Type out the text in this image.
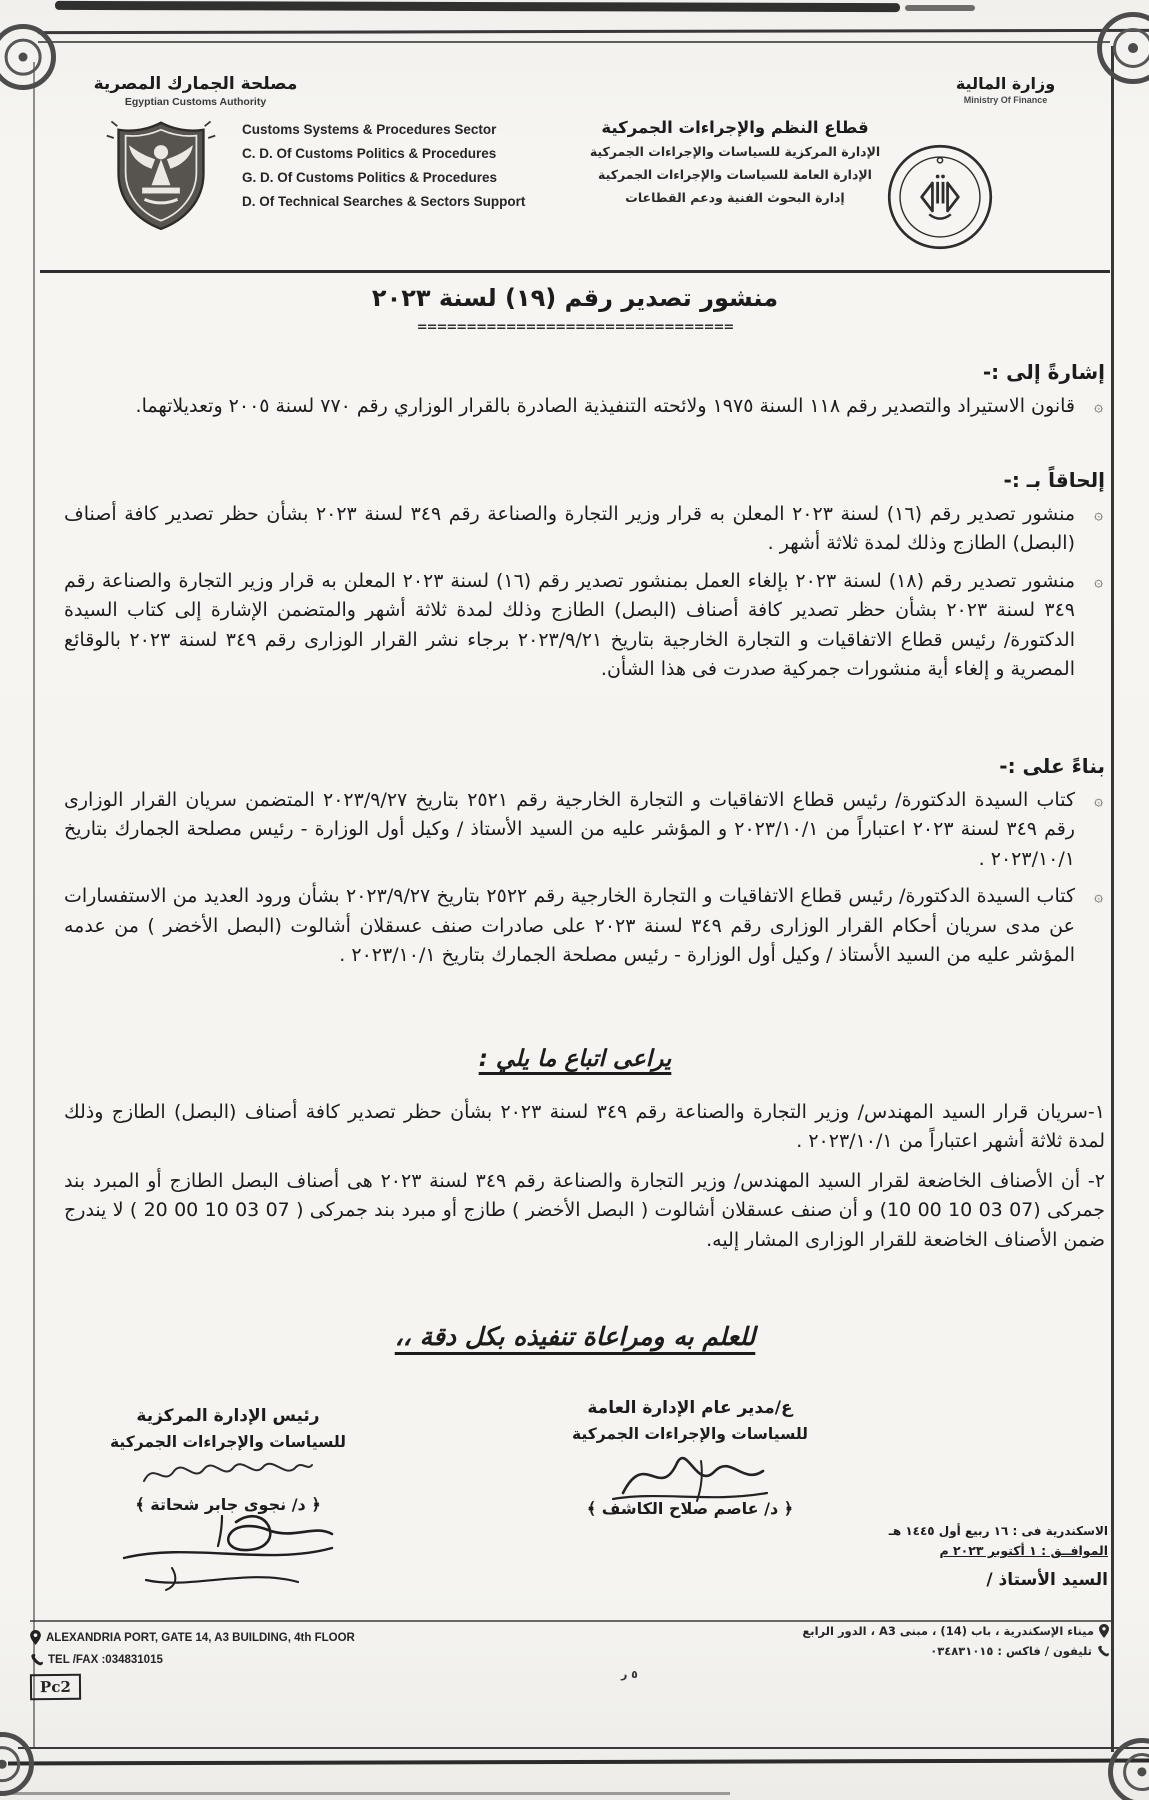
مصلحة الجمارك المصرية
Egyptian Customs Authority

Customs Systems & Procedures Sector

C. D. Of Customs Politics & Procedures

G. D. Of Customs Politics & Procedures

D. Of Technical Searches & Sectors Support

قطاع النظم والإجراءات الجمركية

الإدارة المركزية للسياسات والإجراءات الجمركية

الإدارة العامة للسياسات والإجراءات الجمركية

إدارة البحوث الفنية ودعم القطاعات

وزارة المالية
Ministry Of Finance
منشور تصدير رقم (١٩) لسنة ٢٠٢٣
================================
إشارةً إلى :-
۞
قانون الاستيراد والتصدير رقم ١١٨ السنة ١٩٧٥ ولائحته التنفيذية الصادرة بالقرار الوزاري رقم ٧٧٠ لسنة ٢٠٠٥ وتعديلاتهما.
إلحاقاً بـ :-
۞
منشور تصدير رقم (١٦) لسنة ٢٠٢٣ المعلن به قرار وزير التجارة والصناعة رقم ٣٤٩ لسنة ٢٠٢٣ بشأن حظر تصدير كافة أصناف (البصل) الطازج وذلك لمدة ثلاثة أشهر .
۞
منشور تصدير رقم (١٨) لسنة ٢٠٢٣ بإلغاء العمل بمنشور تصدير رقم (١٦) لسنة ٢٠٢٣ المعلن به قرار وزير التجارة والصناعة رقم ٣٤٩ لسنة ٢٠٢٣ بشأن حظر تصدير كافة أصناف (البصل) الطازج وذلك لمدة ثلاثة أشهر والمتضمن الإشارة إلى كتاب السيدة الدكتورة/ رئيس قطاع الاتفاقيات و التجارة الخارجية بتاريخ ٢٠٢٣/٩/٢١ برجاء نشر القرار الوزارى رقم ٣٤٩ لسنة ٢٠٢٣ بالوقائع المصرية و إلغاء أية منشورات جمركية صدرت فى هذا الشأن.
بناءً على :-
۞
كتاب السيدة الدكتورة/ رئيس قطاع الاتفاقيات و التجارة الخارجية رقم ٢٥٢١ بتاريخ ٢٠٢٣/٩/٢٧ المتضمن سريان القرار الوزارى رقم ٣٤٩ لسنة ٢٠٢٣ اعتباراً من ٢٠٢٣/١٠/١ و المؤشر عليه من السيد الأستاذ / وكيل أول الوزارة - رئيس مصلحة الجمارك بتاريخ ٢٠٢٣/١٠/١ .
۞
كتاب السيدة الدكتورة/ رئيس قطاع الاتفاقيات و التجارة الخارجية رقم ٢٥٢٢ بتاريخ ٢٠٢٣/٩/٢٧ بشأن ورود العديد من الاستفسارات عن مدى سريان أحكام القرار الوزارى رقم ٣٤٩ لسنة ٢٠٢٣ على صادرات صنف عسقلان أشالوت (البصل الأخضر ) من عدمه المؤشر عليه من السيد الأستاذ / وكيل أول الوزارة - رئيس مصلحة الجمارك بتاريخ ٢٠٢٣/١٠/١ .
يراعى اتباع ما يلي :

١-سريان قرار السيد المهندس/ وزير التجارة والصناعة رقم ٣٤٩ لسنة ٢٠٢٣ بشأن حظر تصدير كافة أصناف (البصل) الطازج وذلك لمدة ثلاثة أشهر اعتباراً من ٢٠٢٣/١٠/١ .

٢- أن الأصناف الخاضعة لقرار السيد المهندس/ وزير التجارة والصناعة رقم ٣٤٩ لسنة ٢٠٢٣ هى أصناف البصل الطازج أو المبرد بند جمركى (07 03 10 00 10) و أن صنف عسقلان أشالوت ( البصل الأخضر ) طازج أو مبرد بند جمركى ( 07 03 10 00 20 ) لا يندرج ضمن الأصناف الخاضعة للقرار الوزارى المشار إليه.

للعلم به ومراعاة تنفيذه بكل دقة ،،

ع/مدير عام الإدارة العامة

للسياسات والإجراءات الجمركية

﴿ د/ عاصم صلاح الكاشف ﴾

رئيس الإدارة المركزية

للسياسات والإجراءات الجمركية

﴿ د/ نجوى جابر شحاتة ﴾

الاسكندرية فى : ١٦ ربيع أول ١٤٤٥ هـ

الموافــق : ١ أكتوبر ٢٠٢٣ م

السيد الأستاذ /

ALEXANDRIA PORT, GATE 14, A3 BUILDING, 4th FLOOR
TEL /FAX :034831015
Pc2
ميناء الإسكندرية ، باب (14) ، مبنى A3 ، الدور الرابع
تليفون / فاكس : ٠٣٤٨٣١٠١٥
٥ ر
